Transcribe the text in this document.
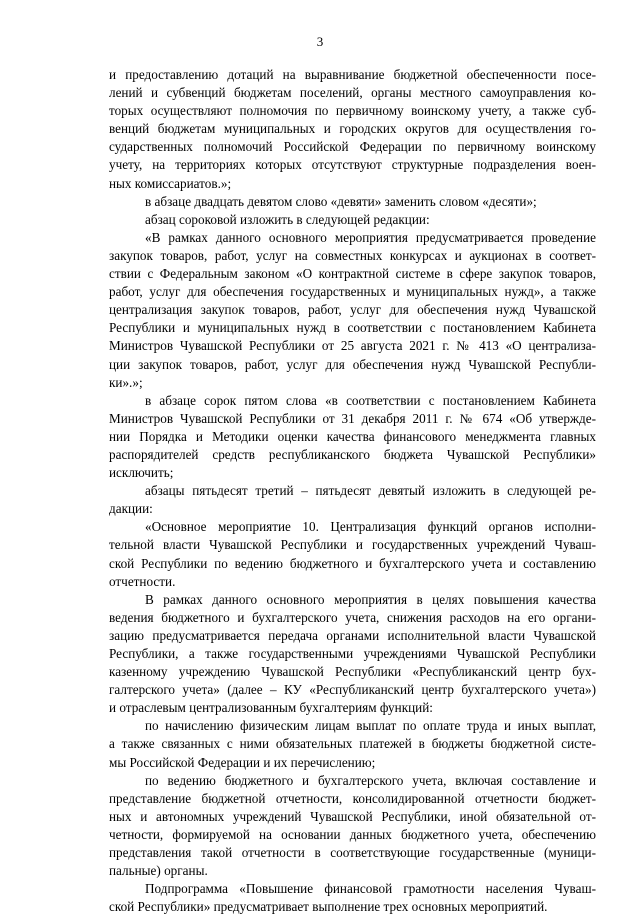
3
и предоставлению дотаций на выравнивание бюджетной обеспеченности посе-
лений и субвенций бюджетам поселений, органы местного самоуправления ко-
торых осуществляют полномочия по первичному воинскому учету, а также суб-
венций бюджетам муниципальных и городских округов для осуществления го-
сударственных полномочий Российской Федерации по первичному воинскому
учету, на территориях которых отсутствуют структурные подразделения воен-
ных комиссариатов.»;
в абзаце двадцать девятом слово «девяти» заменить словом «десяти»;
абзац сороковой изложить в следующей редакции:
«В рамках данного основного мероприятия предусматривается проведение
закупок товаров, работ, услуг на совместных конкурсах и аукционах в соответ-
ствии с Федеральным законом «О контрактной системе в сфере закупок товаров,
работ, услуг для обеспечения государственных и муниципальных нужд», а также
централизация закупок товаров, работ, услуг для обеспечения нужд Чувашской
Республики и муниципальных нужд в соответствии с постановлением Кабинета
Министров Чувашской Республики от 25 августа 2021 г. № 413 «О централиза-
ции закупок товаров, работ, услуг для обеспечения нужд Чувашской Республи-
ки».»;
в абзаце сорок пятом слова «в соответствии с постановлением Кабинета
Министров Чувашской Республики от 31 декабря 2011 г. № 674 «Об утвержде-
нии Порядка и Методики оценки качества финансового менеджмента главных
распорядителей средств республиканского бюджета Чувашской Республики»
исключить;
абзацы пятьдесят третий – пятьдесят девятый изложить в следующей ре-
дакции:
«Основное мероприятие 10. Централизация функций органов исполни-
тельной власти Чувашской Республики и государственных учреждений Чуваш-
ской Республики по ведению бюджетного и бухгалтерского учета и составлению
отчетности.
В рамках данного основного мероприятия в целях повышения качества
ведения бюджетного и бухгалтерского учета, снижения расходов на его органи-
зацию предусматривается передача органами исполнительной власти Чувашской
Республики, а также государственными учреждениями Чувашской Республики
казенному учреждению Чувашской Республики «Республиканский центр бух-
галтерского учета» (далее – КУ «Республиканский центр бухгалтерского учета»)
и отраслевым централизованным бухгалтериям функций:
по начислению физическим лицам выплат по оплате труда и иных выплат,
а также связанных с ними обязательных платежей в бюджеты бюджетной систе-
мы Российской Федерации и их перечислению;
по ведению бюджетного и бухгалтерского учета, включая составление и
представление бюджетной отчетности, консолидированной отчетности бюджет-
ных и автономных учреждений Чувашской Республики, иной обязательной от-
четности, формируемой на основании данных бюджетного учета, обеспечению
представления такой отчетности в соответствующие государственные (муници-
пальные) органы.
Подпрограмма «Повышение финансовой грамотности населения Чуваш-
ской Республики» предусматривает выполнение трех основных мероприятий.
